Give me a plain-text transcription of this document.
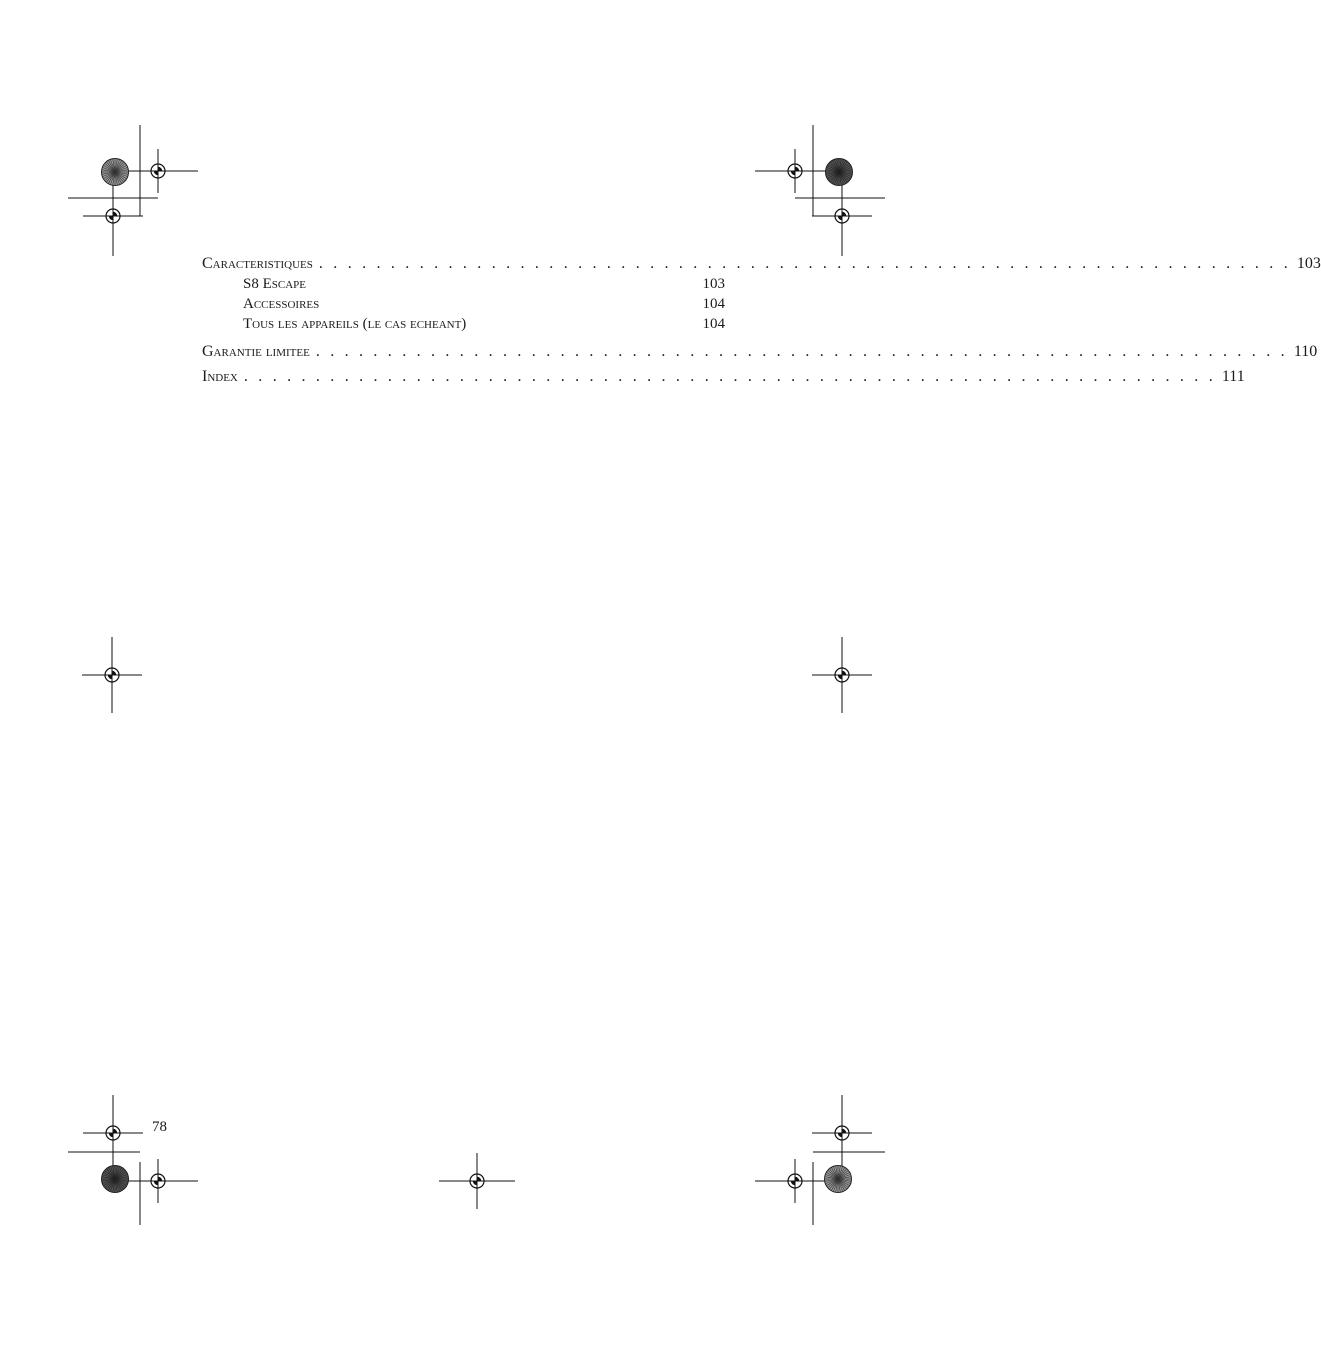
Caracteristiques . . . . . . . . . . . . . . . . . . . . . . . . . . . . . . . . . . . . . . . . . . . . . . . . . . . . . . . . . . . . . . . . . . . . 103
S8 Escape	103
Accessoires	104
Tous les appareils (le cas echeant)	104
Garantie limitee . . . . . . . . . . . . . . . . . . . . . . . . . . . . . . . . . . . . . . . . . . . . . . . . . . . . . . . . . . . . . . . . . . . . 110
Index . . . . . . . . . . . . . . . . . . . . . . . . . . . . . . . . . . . . . . . . . . . . . . . . . . . . . . . . . . . . . . . . . . . . 111
78
